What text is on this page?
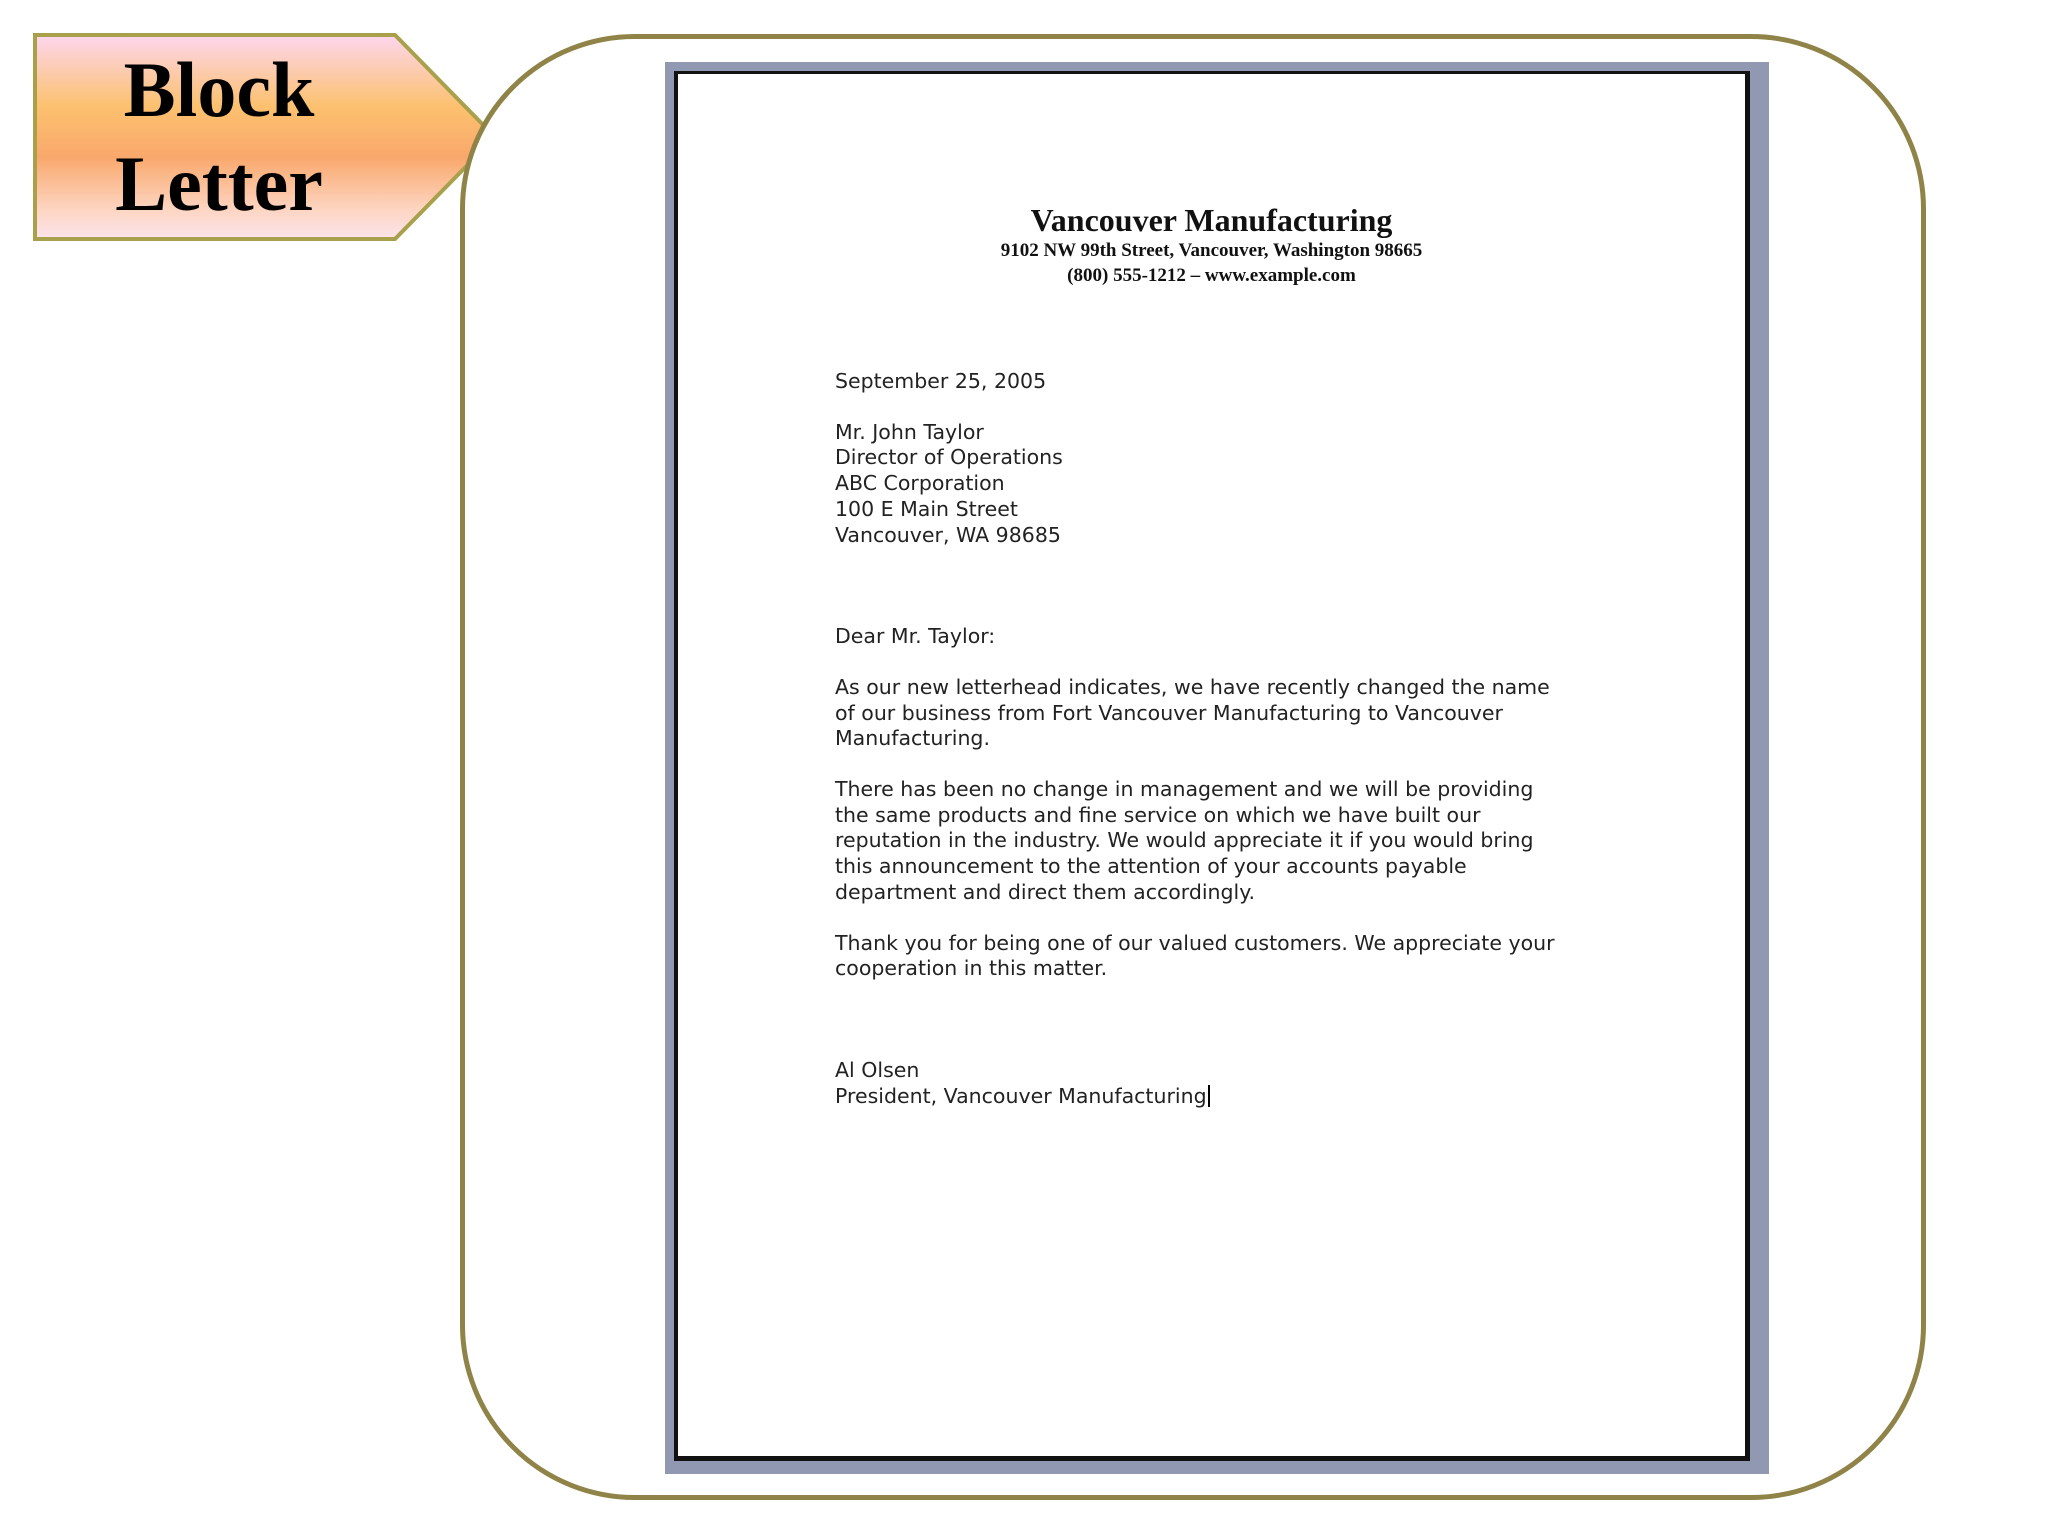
Block
Letter	Vancouver Manufacturing
9102 NW 99th Street, Vancouver, Washington 98665
(800) 555-1212 – www.example.com

September 25, 2005

Mr. John Taylor

Director of Operations

ABC Corporation

100 E Main Street

Vancouver, WA 98685

Dear Mr. Taylor:

As our new letterhead indicates, we have recently changed the name

of our business from Fort Vancouver Manufacturing to Vancouver

Manufacturing.

There has been no change in management and we will be providing

the same products and fine service on which we have built our

reputation in the industry. We would appreciate it if you would bring

this announcement to the attention of your accounts payable

department and direct them accordingly.

Thank you for being one of our valued customers. We appreciate your

cooperation in this matter.

Al Olsen

President, Vancouver Manufacturing
